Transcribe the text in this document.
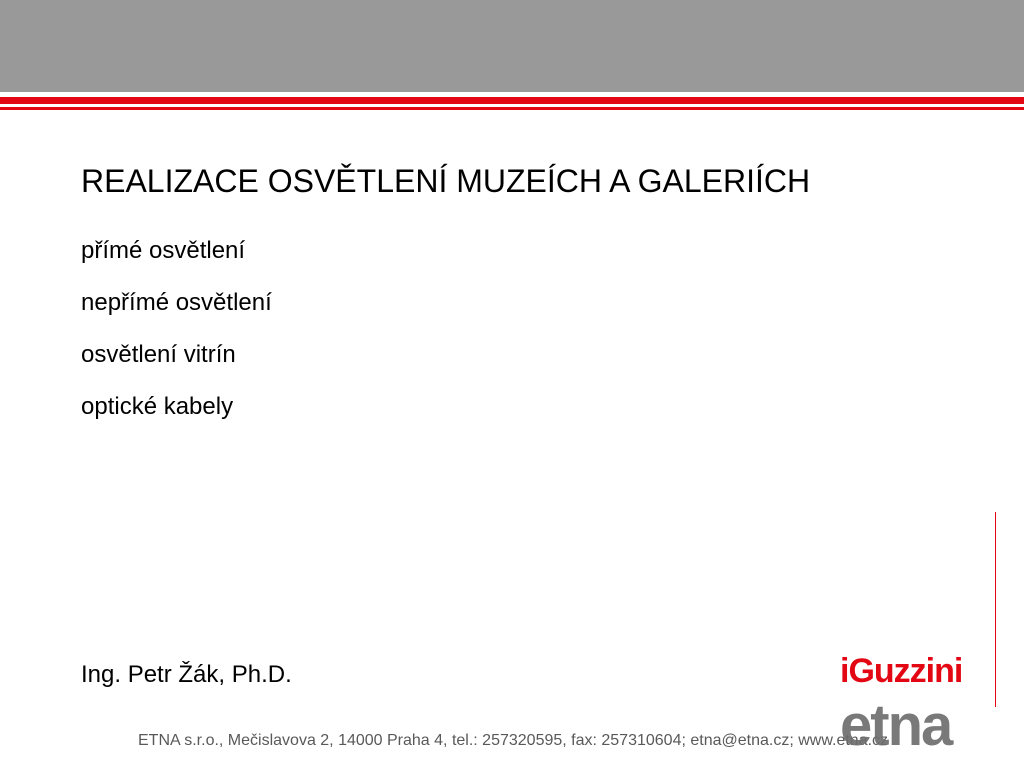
REALIZACE OSVĚTLENÍ MUZEÍCH A GALERIÍCH
přímé osvětlení
nepřímé osvětlení
osvětlení vitrín
optické kabely
Ing. Petr Žák, Ph.D.
ETNA s.r.o., Mečislavova 2, 14000 Praha 4, tel.: 257320595, fax: 257310604; etna@etna.cz; www.etna.cz
iGuzzini
etna
